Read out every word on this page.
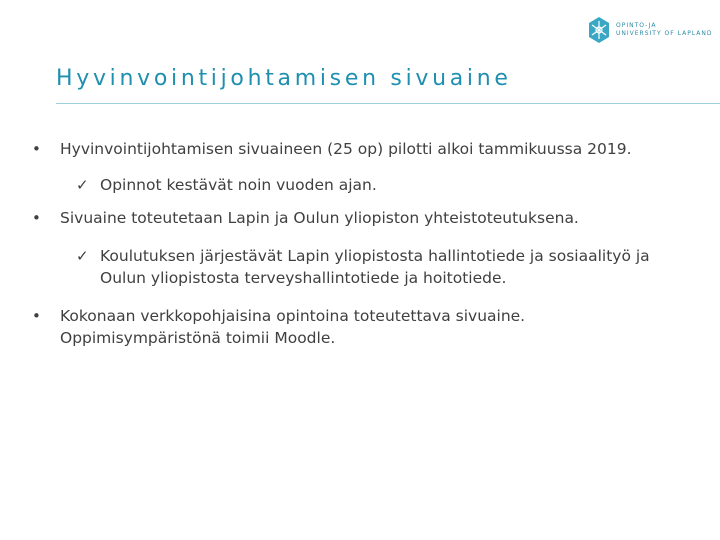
OPINTO-JA
UNIVERSITY OF LAPLAND
Hyvinvointijohtamisen sivuaine
•	Hyvinvointijohtamisen sivuaineen (25 op) pilotti alkoi tammikuussa 2019.
✓ Opinnot kestävät noin vuoden ajan.
•	Sivuaine toteutetaan Lapin ja Oulun yliopiston yhteistoteutuksena.
✓ Koulutuksen järjestävät Lapin yliopistosta hallintotiede ja sosiaalityö ja Oulun yliopistosta terveyshallintotiede ja hoitotiede.
•	Kokonaan verkkopohjaisina opintoina toteutettava sivuaine. Oppimisympäristönä toimii Moodle.
